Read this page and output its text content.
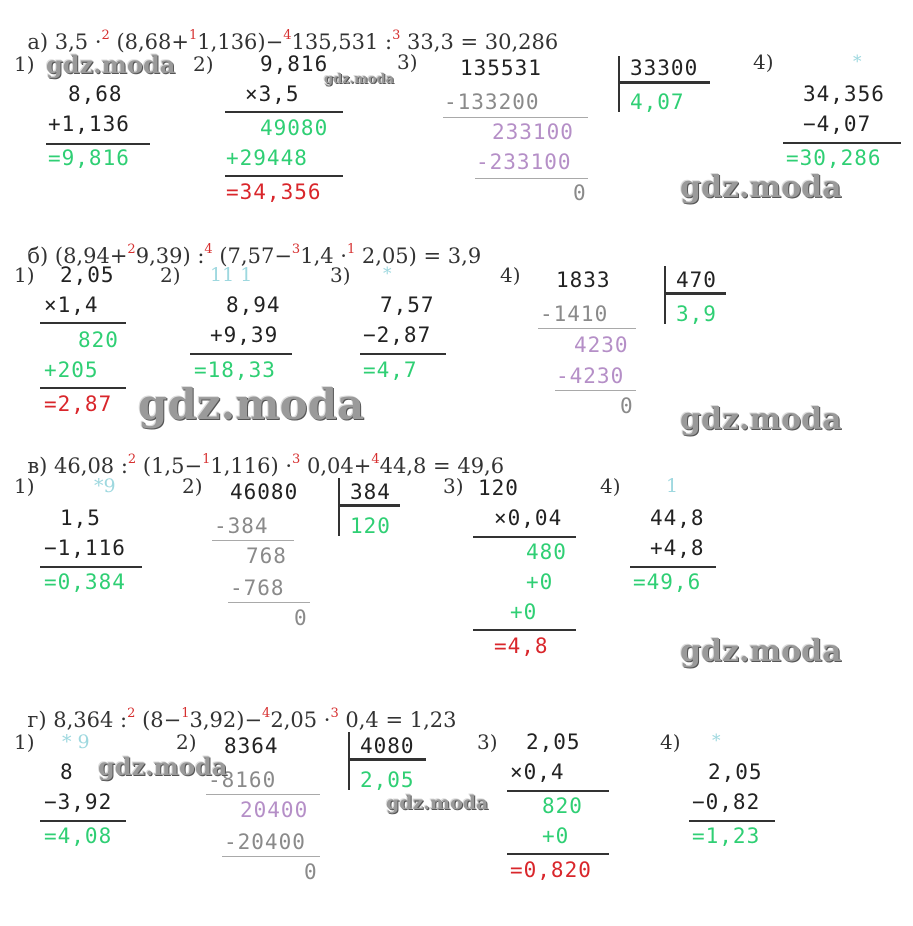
а) 3,5 ·$^2$ (8,68+$^1$1,136)−$^4$135,531 :$^3$ 33,3 = 30,286

1)
8,68
+1,136
=9,816
2) 9,816
×3,5
49080
+29448
=34,356
3) 135531	33300
4,07
-133200
233100
-233100
0
4)	*
34,356
−4,07
=30,286

б) (8,94+$^2$9,39) :$^4$ (7,57−$^3$1,4 ·$^1$ 2,05) = 3,9

1) 2,05
×1,4
820
+205
=2,87
2) 11 1
8,94
+9,39
=18,33
3) *
7,57
−2,87
=4,7
4) 1833	470
3,9
-1410
4230
-4230
0

в) 46,08 :$^2$ (1,5−$^1$1,116) ·$^3$ 0,04+$^4$44,8 = 49,6

1)	*9
1,5
−1,116
=0,384
2) 46080 384
120
-384
768
-768
0
3) 120
×0,04
480
+0
+0
=4,8
4) 1
44,8
+4,8
=49,6

г) 8,364 :$^2$ (8−$^1$3,92)−$^4$2,05 ·$^3$ 0,4 = 1,23

1) * 9
8
−3,92
=4,08
2) 8364	4080
2,05
-8160
20400
-20400
0
3) 2,05
×0,4
820
+0
=0,820
4) *
2,05
−0,82
=1,23
gdz.moda
gdz.moda
gdz.moda
gdz.moda	gdz.moda
gdz.moda
gdz.moda
gdz.moda
